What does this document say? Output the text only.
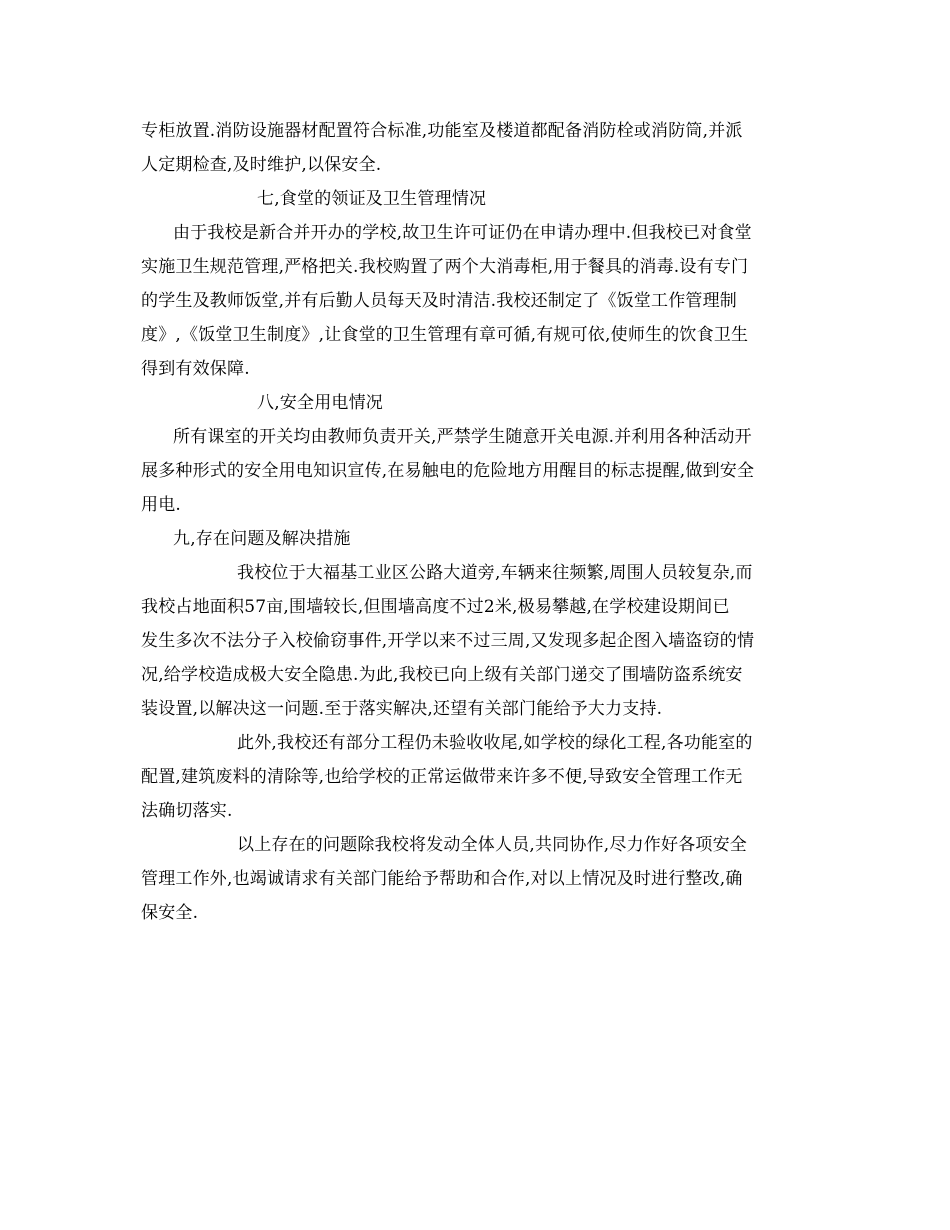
专柜放置.消防设施器材配置符合标准,功能室及楼道都配备消防栓或消防筒,并派
人定期检查,及时维护,以保安全.
七,食堂的领证及卫生管理情况
由于我校是新合并开办的学校,故卫生许可证仍在申请办理中.但我校已对食堂
实施卫生规范管理,严格把关.我校购置了两个大消毒柜,用于餐具的消毒.设有专门
的学生及教师饭堂,并有后勤人员每天及时清洁.我校还制定了《饭堂工作管理制
度》,《饭堂卫生制度》,让食堂的卫生管理有章可循,有规可依,使师生的饮食卫生
得到有效保障.
八,安全用电情况
所有课室的开关均由教师负责开关,严禁学生随意开关电源.并利用各种活动开
展多种形式的安全用电知识宣传,在易触电的危险地方用醒目的标志提醒,做到安全
用电.
九,存在问题及解决措施
我校位于大福基工业区公路大道旁,车辆来往频繁,周围人员较复杂,而
我校占地面积57亩,围墙较长,但围墙高度不过2米,极易攀越,在学校建设期间已
发生多次不法分子入校偷窃事件,开学以来不过三周,又发现多起企图入墙盗窃的情
况,给学校造成极大安全隐患.为此,我校已向上级有关部门递交了围墙防盗系统安
装设置,以解决这一问题.至于落实解决,还望有关部门能给予大力支持.
此外,我校还有部分工程仍未验收收尾,如学校的绿化工程,各功能室的
配置,建筑废料的清除等,也给学校的正常运做带来许多不便,导致安全管理工作无
法确切落实.
以上存在的问题除我校将发动全体人员,共同协作,尽力作好各项安全
管理工作外,也竭诚请求有关部门能给予帮助和合作,对以上情况及时进行整改,确
保安全.
